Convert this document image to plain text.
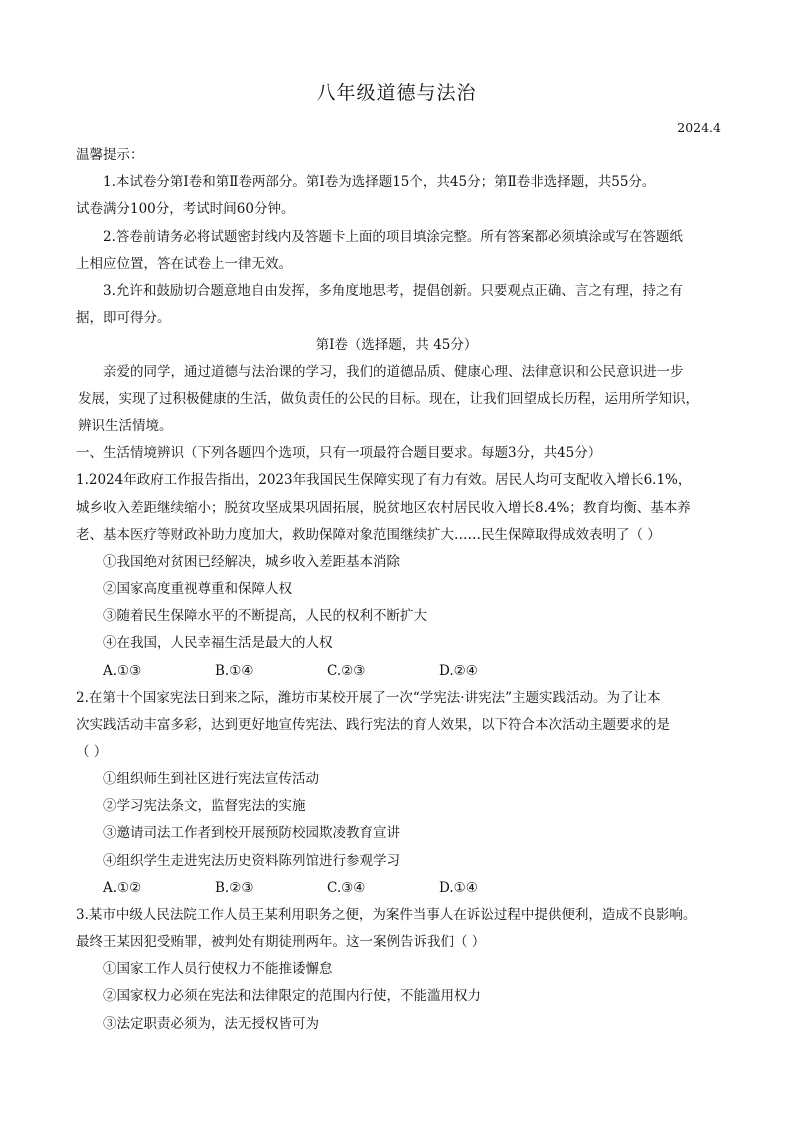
八年级道德与法治
2024.4
温馨提示：
1.本试卷分第Ⅰ卷和第Ⅱ卷两部分。第Ⅰ卷为选择题15个，共45分；第Ⅱ卷非选择题，共55分。
试卷满分100分，考试时间60分钟。
2.答卷前请务必将试题密封线内及答题卡上面的项目填涂完整。所有答案都必须填涂或写在答题纸
上相应位置，答在试卷上一律无效。
3.允许和鼓励切合题意地自由发挥，多角度地思考，提倡创新。只要观点正确、言之有理，持之有
据，即可得分。
第Ⅰ卷（选择题，共 45分）
亲爱的同学，通过道德与法治课的学习，我们的道德品质、健康心理、法律意识和公民意识进一步
发展，实现了过积极健康的生活，做负责任的公民的目标。现在，让我们回望成长历程，运用所学知识，
辨识生活情境。
一、生活情境辨识（下列各题四个选项，只有一项最符合题目要求。每题3分，共45分）
1.2024年政府工作报告指出，2023年我国民生保障实现了有力有效。居民人均可支配收入增长6.1%，
城乡收入差距继续缩小；脱贫攻坚成果巩固拓展，脱贫地区农村居民收入增长8.4%；教育均衡、基本养
老、基本医疗等财政补助力度加大，救助保障对象范围继续扩大……民生保障取得成效表明了（ ）
①我国绝对贫困已经解决，城乡收入差距基本消除
②国家高度重视尊重和保障人权
③随着民生保障水平的不断提高，人民的权利不断扩大
④在我国，人民幸福生活是最大的人权
A.①③	B.①④	C.②③	D.②④
2.在第十个国家宪法日到来之际，潍坊市某校开展了一次“学宪法·讲宪法”主题实践活动。为了让本
次实践活动丰富多彩，达到更好地宣传宪法、践行宪法的育人效果，以下符合本次活动主题要求的是
（ ）
①组织师生到社区进行宪法宣传活动
②学习宪法条文，监督宪法的实施
③邀请司法工作者到校开展预防校园欺凌教育宣讲
④组织学生走进宪法历史资料陈列馆进行参观学习
A.①②	B.②③	C.③④	D.①④
3.某市中级人民法院工作人员王某利用职务之便，为案件当事人在诉讼过程中提供便利，造成不良影响。
最终王某因犯受贿罪，被判处有期徒刑两年。这一案例告诉我们（ ）
①国家工作人员行使权力不能推诿懈怠
②国家权力必须在宪法和法律限定的范围内行使，不能滥用权力
③法定职责必须为，法无授权皆可为
